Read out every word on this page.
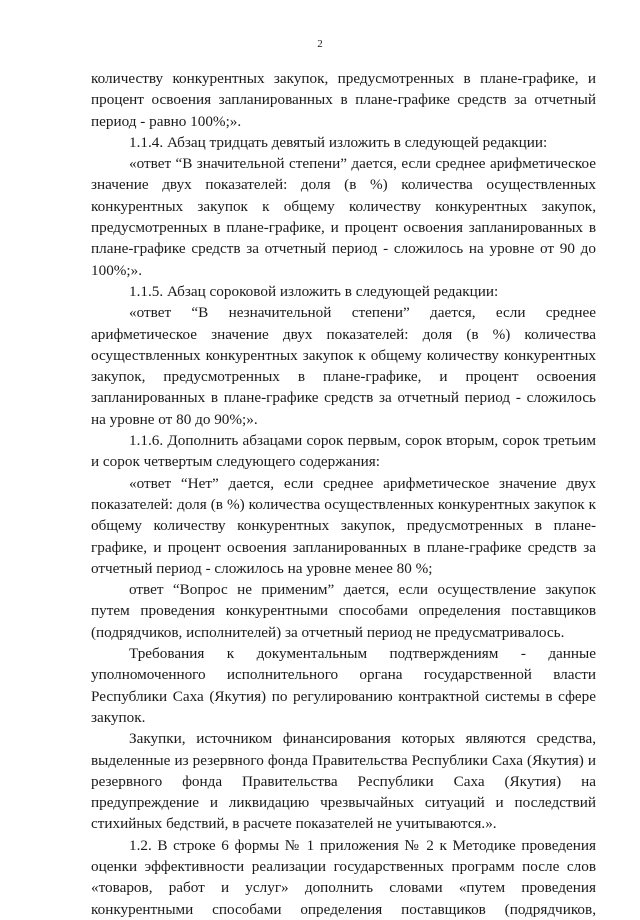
2

количеству конкурентных закупок, предусмотренных в плане-графике, и процент освоения запланированных в плане-графике средств за отчетный период - равно 100%;».

1.1.4. Абзац тридцать девятый изложить в следующей редакции:

«ответ “В значительной степени” дается, если среднее арифметическое значение двух показателей: доля (в %) количества осуществленных конкурентных закупок к общему количеству конкурентных закупок, предусмотренных в плане-графике, и процент освоения запланированных в плане-графике средств за отчетный период - сложилось на уровне от 90 до 100%;».

1.1.5. Абзац сороковой изложить в следующей редакции:

«ответ “В незначительной степени” дается, если среднее арифметическое значение двух показателей: доля (в %) количества осуществленных конкурентных закупок к общему количеству конкурентных закупок, предусмотренных в плане-графике, и процент освоения запланированных в плане-графике средств за отчетный период - сложилось на уровне от 80 до 90%;».

1.1.6. Дополнить абзацами сорок первым, сорок вторым, сорок третьим и сорок четвертым следующего содержания:

«ответ “Нет” дается, если среднее арифметическое значение двух показателей: доля (в %) количества осуществленных конкурентных закупок к общему количеству конкурентных закупок, предусмотренных в плане-графике, и процент освоения запланированных в плане-графике средств за отчетный период - сложилось на уровне менее 80 %;

ответ “Вопрос не применим” дается, если осуществление закупок путем проведения конкурентными способами определения поставщиков (подрядчиков, исполнителей) за отчетный период не предусматривалось.

Требования к документальным подтверждениям - данные уполномоченного исполнительного органа государственной власти Республики Саха (Якутия) по регулированию контрактной системы в сфере закупок.

Закупки, источником финансирования которых являются средства, выделенные из резервного фонда Правительства Республики Саха (Якутия) и резервного фонда Правительства Республики Саха (Якутия) на предупреждение и ликвидацию чрезвычайных ситуаций и последствий стихийных бедствий, в расчете показателей не учитываются.».

1.2. В строке 6 формы № 1 приложения № 2 к Методике проведения оценки эффективности реализации государственных программ после слов «товаров, работ и услуг» дополнить словами «путем проведения конкурентными способами определения поставщиков (подрядчиков,
